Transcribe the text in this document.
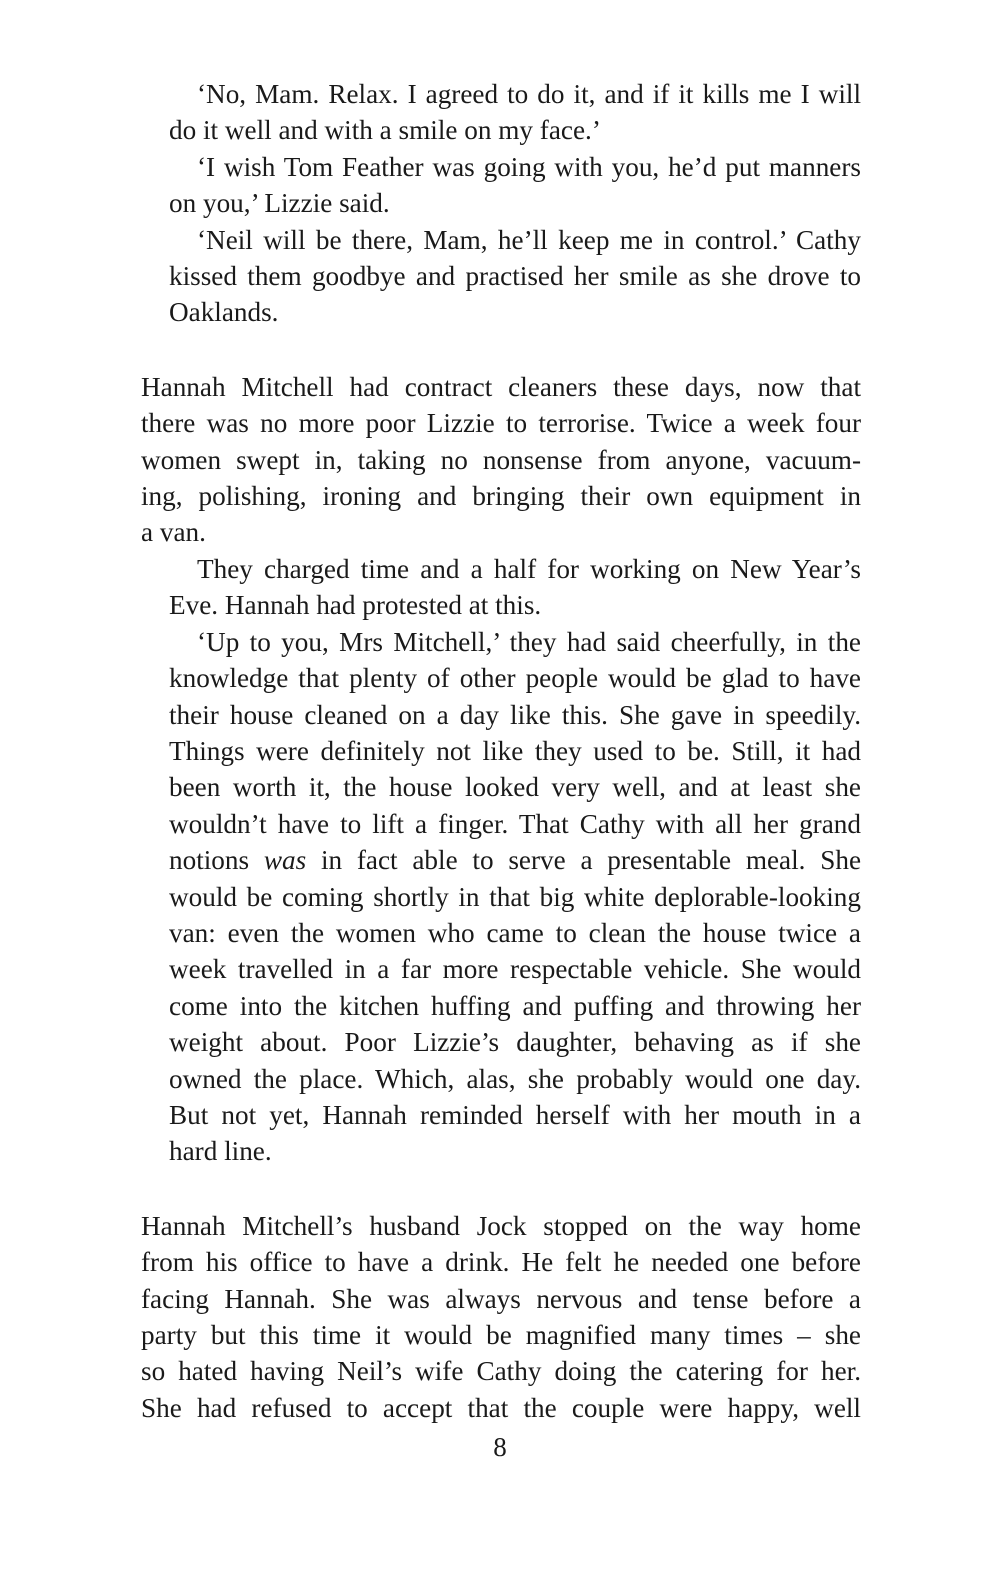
‘No, Mam. Relax. I agreed to do it, and if it kills me I will
do it well and with a smile on my face.’

‘I wish Tom Feather was going with you, he’d put manners
on you,’ Lizzie said.

‘Neil will be there, Mam, he’ll keep me in control.’ Cathy
kissed them goodbye and practised her smile as she drove to
Oaklands.

Hannah Mitchell had contract cleaners these days, now that
there was no more poor Lizzie to terrorise. Twice a week four
women swept in, taking no nonsense from anyone, vacuum-
ing, polishing, ironing and bringing their own equipment in
a van.

They charged time and a half for working on New Year’s
Eve. Hannah had protested at this.

‘Up to you, Mrs Mitchell,’ they had said cheerfully, in the
knowledge that plenty of other people would be glad to have
their house cleaned on a day like this. She gave in speedily.
Things were definitely not like they used to be. Still, it had
been worth it, the house looked very well, and at least she
wouldn’t have to lift a finger. That Cathy with all her grand
notions was in fact able to serve a presentable meal. She
would be coming shortly in that big white deplorable-looking
van: even the women who came to clean the house twice a
week travelled in a far more respectable vehicle. She would
come into the kitchen huffing and puffing and throwing her
weight about. Poor Lizzie’s daughter, behaving as if she
owned the place. Which, alas, she probably would one day.
But not yet, Hannah reminded herself with her mouth in a
hard line.

Hannah Mitchell’s husband Jock stopped on the way home
from his office to have a drink. He felt he needed one before
facing Hannah. She was always nervous and tense before a
party but this time it would be magnified many times – she
so hated having Neil’s wife Cathy doing the catering for her.
She had refused to accept that the couple were happy, well

8
